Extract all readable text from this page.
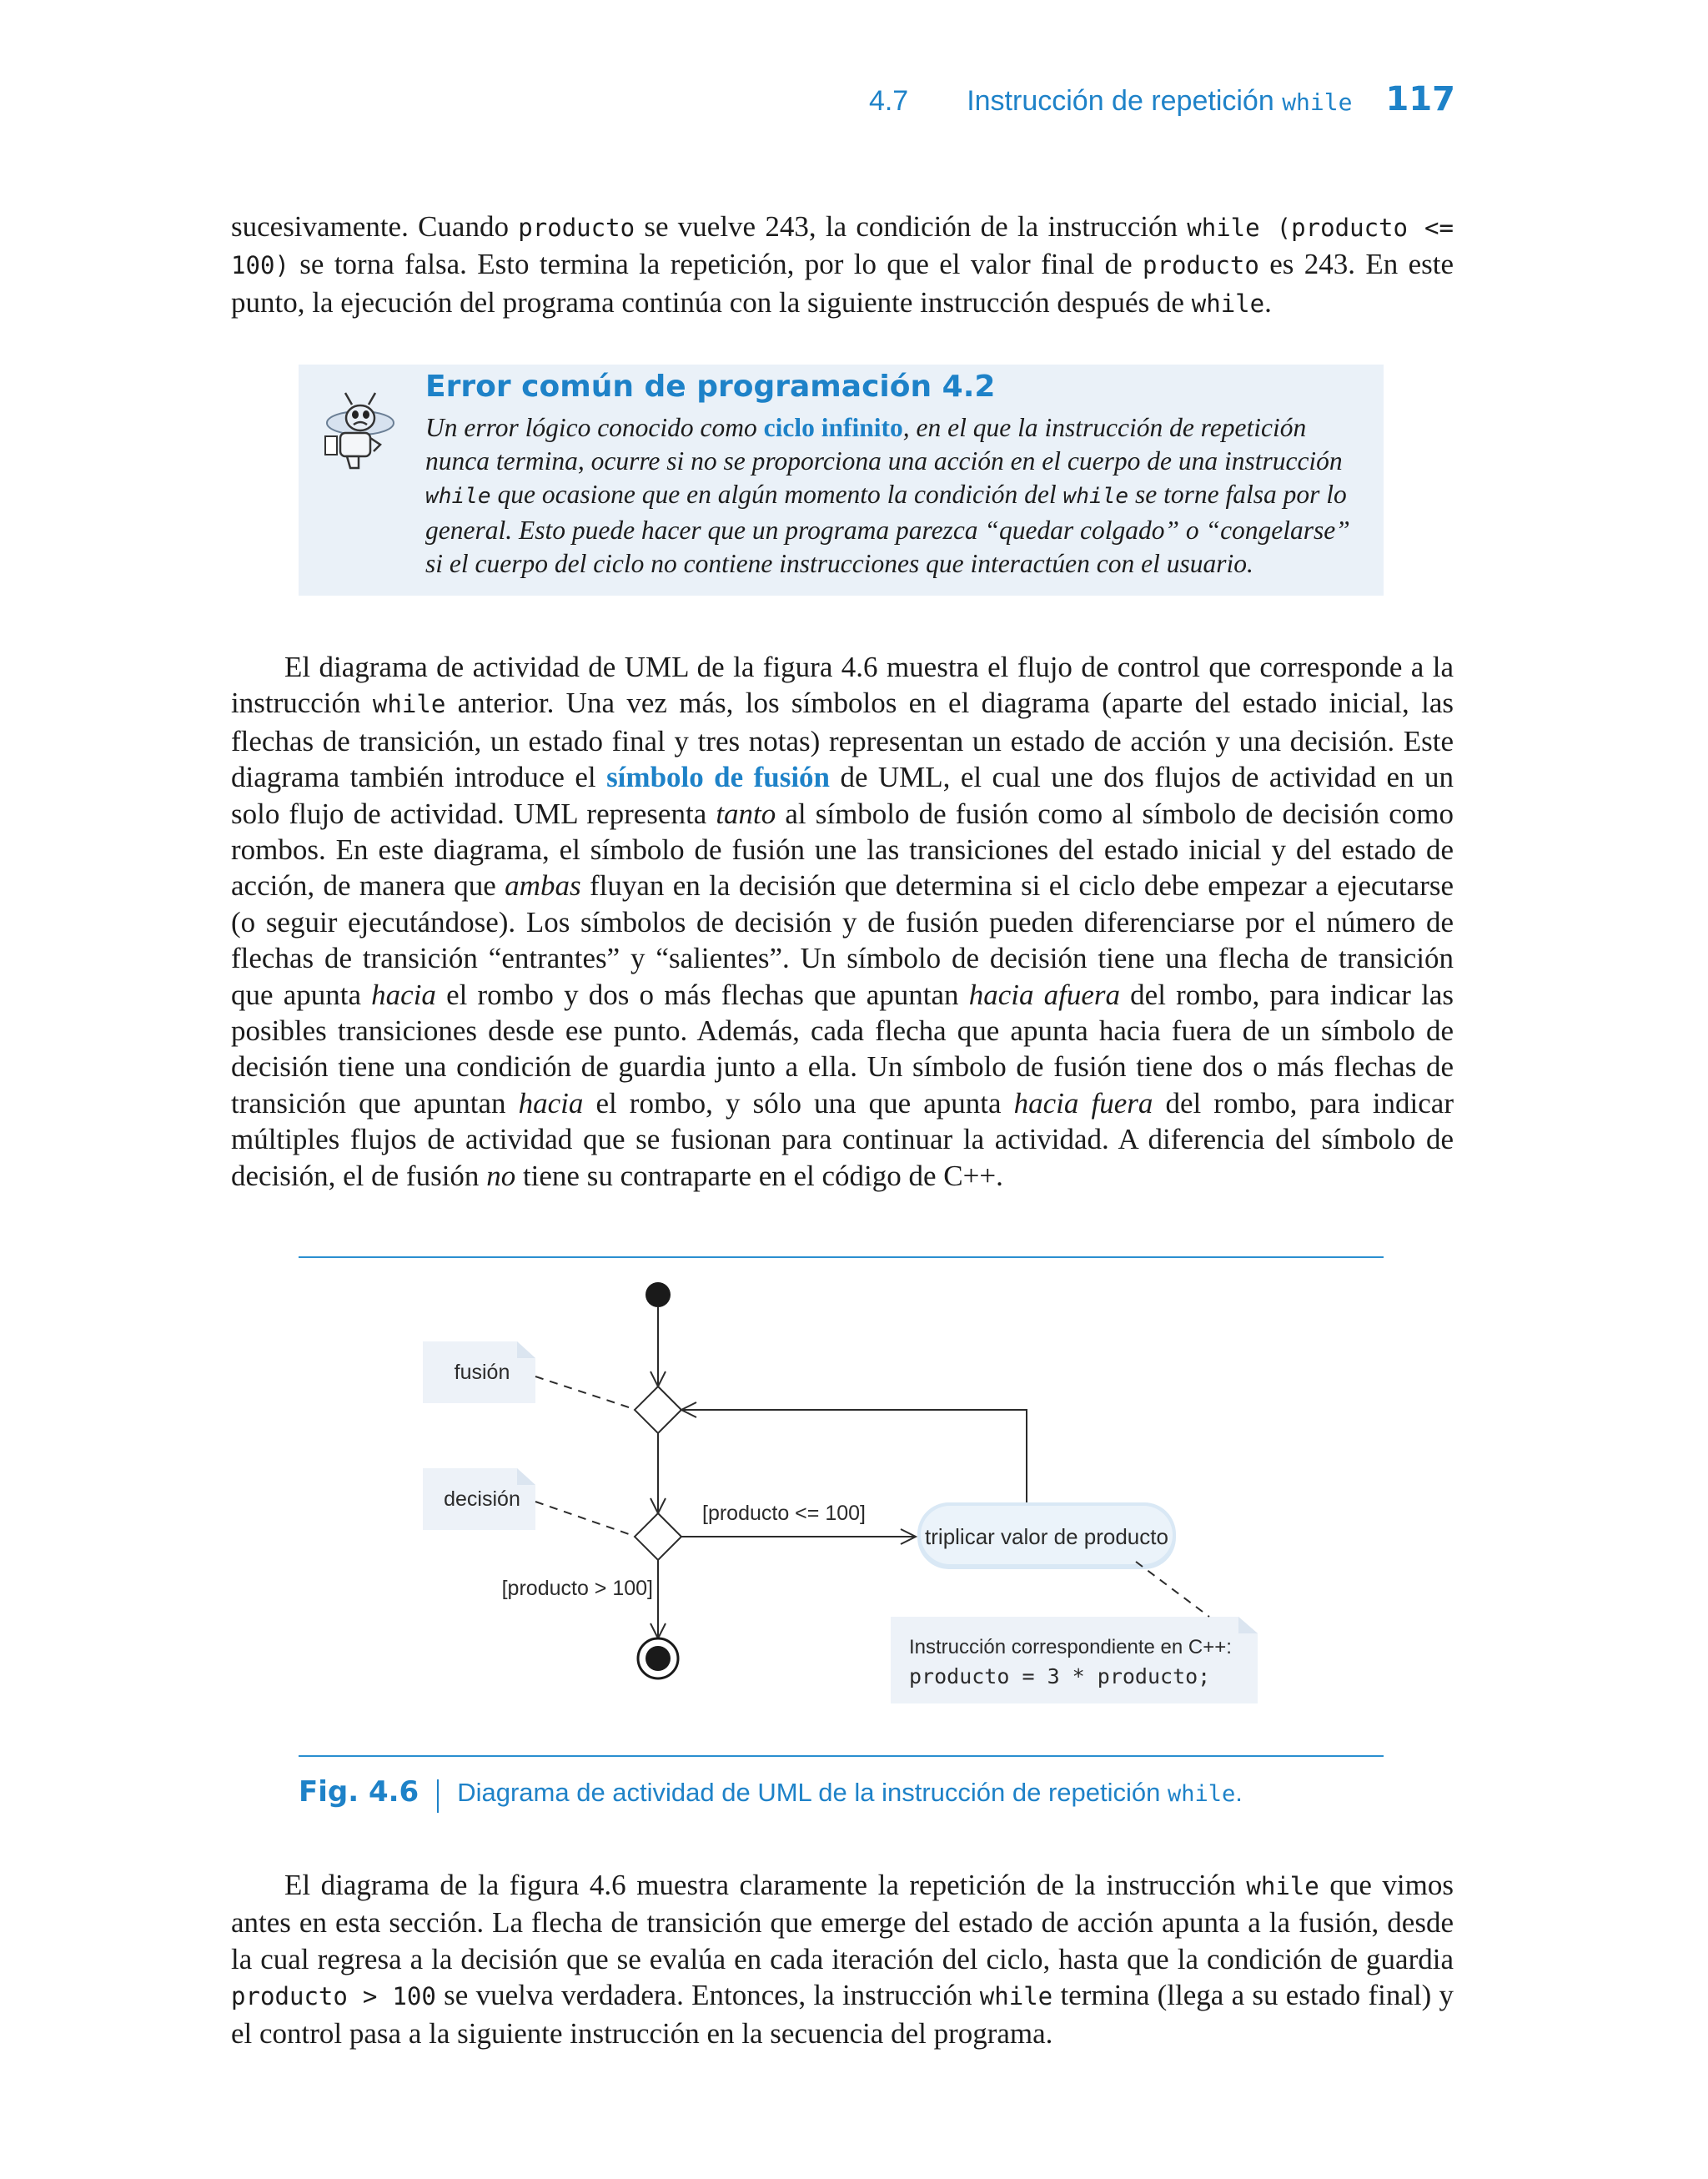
4.7 Instrucción de repetición while 117

sucesivamente. Cuando producto se vuelve 243, la condición de la instrucción while (producto <= 100) se torna falsa. Esto termina la repetición, por lo que el valor final de producto es 243. En este punto, la ejecución del programa continúa con la siguiente instrucción después de while.

Error común de programación 4.2

Un error lógico conocido como ciclo infinito, en el que la instrucción de repetición nunca termina, ocurre si no se proporciona una acción en el cuerpo de una instrucción while que ocasione que en algún momento la condición del while se torne falsa por lo general. Esto puede hacer que un programa parezca “quedar colgado” o “congelarse” si el cuerpo del ciclo no contiene instrucciones que interactúen con el usuario.

El diagrama de actividad de UML de la figura 4.6 muestra el flujo de control que corresponde a la instrucción while anterior. Una vez más, los símbolos en el diagrama (aparte del estado inicial, las flechas de transición, un estado final y tres notas) representan un estado de acción y una decisión. Este diagrama también introduce el símbolo de fusión de UML, el cual une dos flujos de actividad en un solo flujo de actividad. UML representa tanto al símbolo de fusión como al símbolo de decisión como rombos. En este diagrama, el símbolo de fusión une las transiciones del estado inicial y del estado de acción, de manera que ambas fluyan en la decisión que determina si el ciclo debe empezar a ejecutarse (o seguir ejecutándose). Los símbolos de decisión y de fusión pueden diferenciarse por el número de flechas de transición “entrantes” y “salientes”. Un símbolo de decisión tiene una flecha de transición que apunta hacia el rombo y dos o más flechas que apuntan hacia afuera del rombo, para indicar las posibles transiciones desde ese punto. Además, cada flecha que apunta hacia fuera de un símbolo de decisión tiene una condición de guardia junto a ella. Un símbolo de fusión tiene dos o más flechas de transición que apuntan hacia el rombo, y sólo una que apunta hacia fuera del rombo, para indicar múltiples flujos de actividad que se fusionan para continuar la actividad. A diferencia del símbolo de decisión, el de fusión no tiene su contraparte en el código de C++.

triplicar valor de producto
[producto <= 100]
[producto > 100]
fusión
decisión
Instrucción correspondiente en C++:
producto = 3 * producto;
Fig. 4.6 Diagrama de actividad de UML de la instrucción de repetición while.

El diagrama de la figura 4.6 muestra claramente la repetición de la instrucción while que vimos antes en esta sección. La flecha de transición que emerge del estado de acción apunta a la fusión, desde la cual regresa a la decisión que se evalúa en cada iteración del ciclo, hasta que la condición de guardia producto > 100 se vuelva verdadera. Entonces, la instrucción while termina (llega a su estado final) y el control pasa a la siguiente instrucción en la secuencia del programa.
